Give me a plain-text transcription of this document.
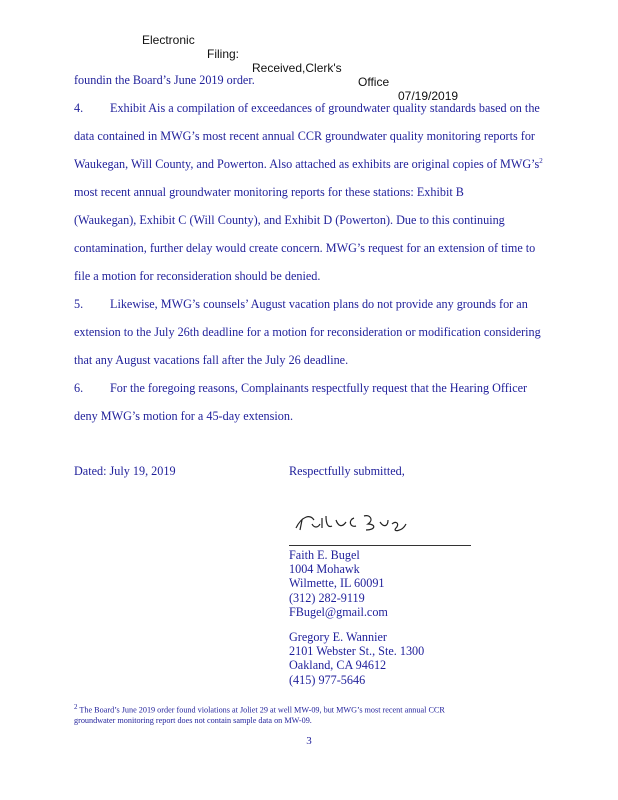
Electronic

Filing:

Received,Clerk's

Office

07/19/2019

foundin the Board’s June 2019 order.
4. Exhibit Ais a compilation of exceedances of groundwater quality standards based on the
data contained in MWG’s most recent annual CCR groundwater quality monitoring reports for
Waukegan, Will County, and Powerton. Also attached as exhibits are original copies of $MWG’s^2$
most recent annual groundwater monitoring reports for these stations: Exhibit B
(Waukegan), Exhibit C (Will County), and Exhibit D (Powerton). Due to this continuing
contamination, further delay would create concern. MWG’s request for an extension of time to
file a motion for reconsideration should be denied.
5. Likewise, MWG’s counsels’ August vacation plans do not provide any grounds for an
extension to the July 26th deadline for a motion for reconsideration or modification considering
that any August vacations fall after the July 26 deadline.
6. For the foregoing reasons, Complainants respectfully request that the Hearing Officer
deny MWG’s motion for a 45-day extension.
Dated: July 19, 2019	Respectfully submitted,
Faith E. Bugel
1004 Mohawk
Wilmette, IL 60091
(312) 282-9119
FBugel@gmail.com
Gregory E. Wannier
2101 Webster St., Ste. 1300
Oakland, CA 94612
(415) 977-5646
$^2$ The Board’s June 2019 order found violations at Joliet 29 at well MW-09, but MWG’s most recent annual CCR
groundwater monitoring report does not contain sample data on MW-09.
3
